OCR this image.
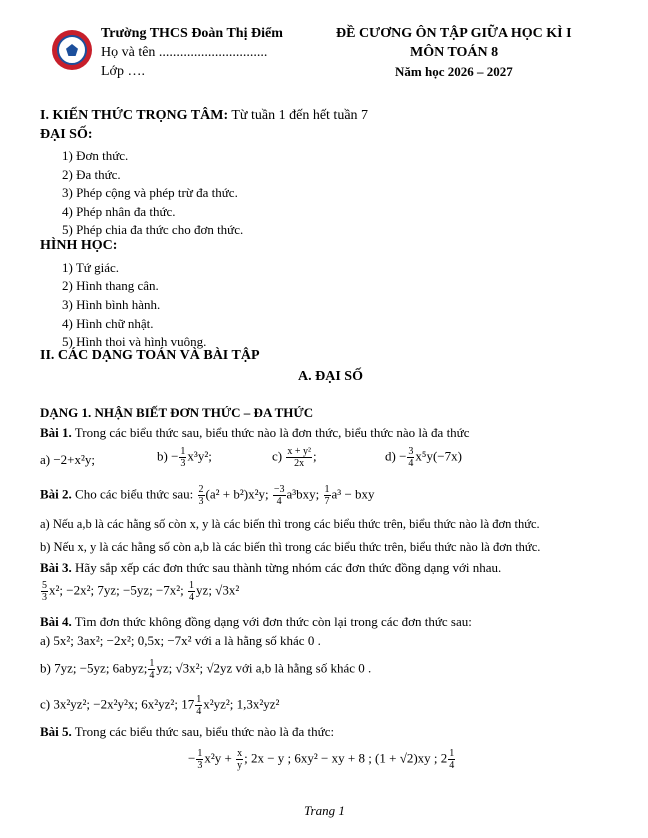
Trường THCS Đoàn Thị Điểm
Họ và tên ...............................
Lớp ….
ĐỀ CƯƠNG ÔN TẬP GIỮA HỌC KÌ I
MÔN TOÁN 8
Năm học 2026 – 2027
I. KIẾN THỨC TRỌNG TÂM: Từ tuần 1 đến hết tuần 7
ĐẠI SỐ:
1) Đơn thức.
2) Đa thức.
3) Phép cộng và phép trừ đa thức.
4) Phép nhân đa thức.
5) Phép chia đa thức cho đơn thức.
HÌNH HỌC:
1) Tứ giác.
2) Hình thang cân.
3) Hình bình hành.
4) Hình chữ nhật.
5) Hình thoi và hình vuông.
II. CÁC DẠNG TOÁN VÀ BÀI TẬP
A. ĐẠI SỐ
DẠNG 1. NHẬN BIẾT ĐƠN THỨC – ĐA THỨC
Bài 1. Trong các biểu thức sau, biểu thức nào là đơn thức, biểu thức nào là đa thức
a) −2+x²y;	$b) - \frac{1}{3} x^3y^2$;	$c) \frac{\text{x + y²}}{2x}$ ;	$d) - \frac{3}{4} x^5y(-7x)$
Bài 2. Cho các biểu thức sau: $\frac{2}{3} (a^2 + b^2)x^2y$; $\frac{-3}{4} a^3bxy$; $\frac{1}{7} a^3$ − bxy
a) Nếu a,b là các hằng số còn x, y là các biến thì trong các biểu thức trên, biểu thức nào là đơn thức.
b) Nếu x, y là các hằng số còn a,b là các biến thì trong các biểu thức trên, biểu thức nào là đơn thức.
Bài 3. Hãy sắp xếp các đơn thức sau thành từng nhóm các đơn thức đồng dạng với nhau.
$\frac{5}{3} x^2$; −2x²; 7yz; −5yz; −7x²; $\frac{1}{4}$ yz; √3x²
Bài 4. Tìm đơn thức không đồng dạng với đơn thức còn lại trong các đơn thức sau:
a) 5x²; 3ax²; −2x²; 0,5x; −7x² với a là hằng số khác 0 .
b) 7yz; −5yz; 6abyz; $\frac{1}{4}$ yz; √3x²; √2yz với a,b là hằng số khác 0 .
c) 3x²yz²; −2x²y²x; 6x²yz²; $17 \frac{1}{4} x^2yz^2$; 1,3x²yz²
Bài 5. Trong các biểu thức sau, biểu thức nào là đa thức:
− $\frac{1}{3} x^2y + \frac{x}{y}$ ; 2x − y ; 6xy² − xy + 8 ; (1 + √2)xy ; $2 \frac{1}{4}$
Trang 1
